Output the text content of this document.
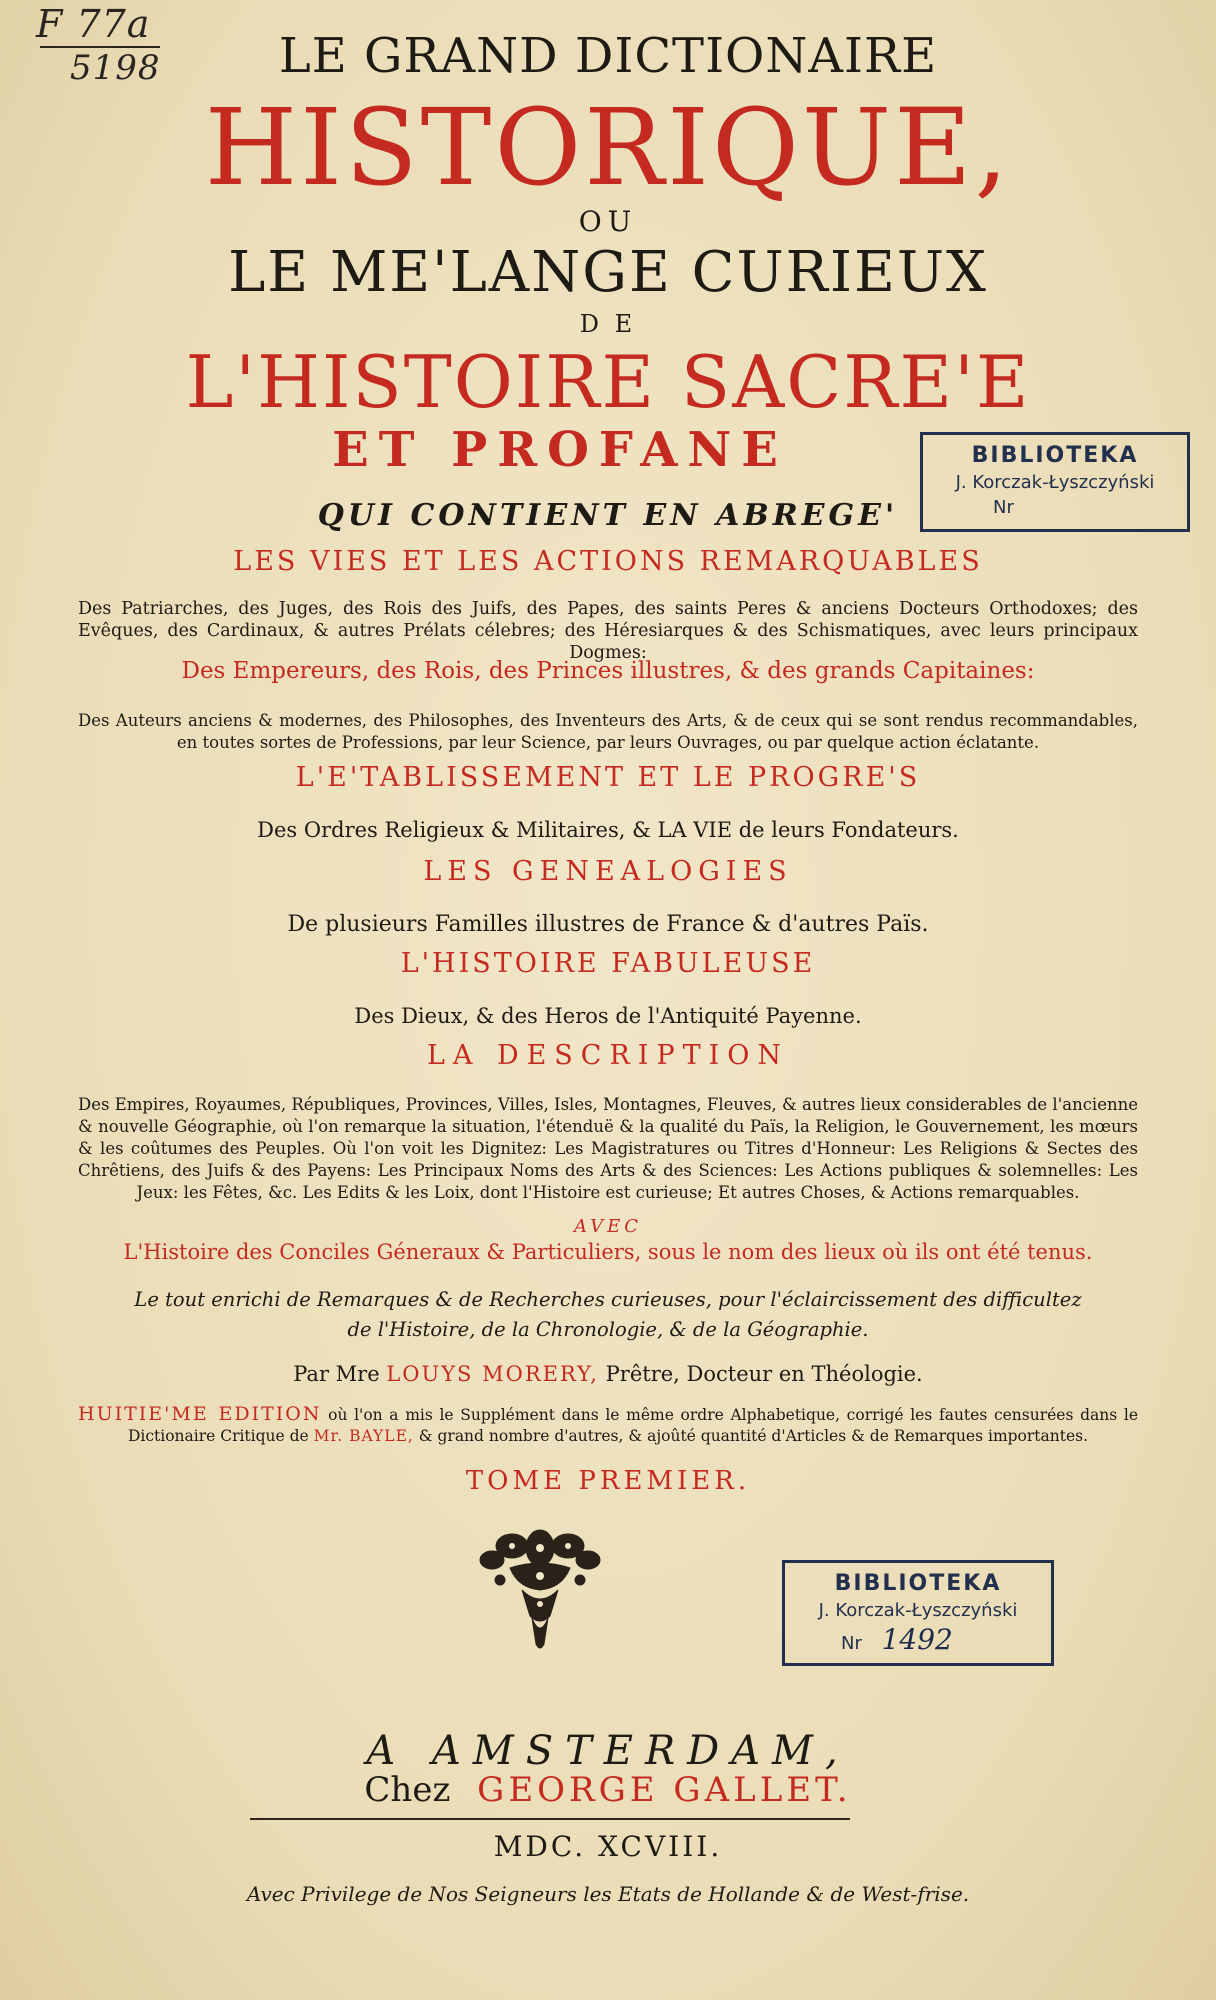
F 77a
5198	LE GRAND DICTIONAIRE
HISTORIQUE,
OU
LE ME'LANGE CURIEUX
D E
L'HISTOIRE SACRE'E
ET PROFANE	BIBLIOTEKA
J. Korczak-Łyszczyński
Nr
QUI CONTIENT EN ABREGE'
LES VIES ET LES ACTIONS REMARQUABLES
Des Patriarches, des Juges, des Rois des Juifs, des Papes, des saints Peres & anciens Docteurs Orthodoxes; des Evêques, des Cardinaux, & autres Prélats célebres; des Héresiarques & des Schismatiques, avec leurs principaux Dogmes:
Des Empereurs, des Rois, des Princes illustres, & des grands Capitaines:
Des Auteurs anciens & modernes, des Philosophes, des Inventeurs des Arts, & de ceux qui se sont rendus recommandables, en toutes sortes de Professions, par leur Science, par leurs Ouvrages, ou par quelque action éclatante.
L'E'TABLISSEMENT ET LE PROGRE'S
Des Ordres Religieux & Militaires, & LA VIE de leurs Fondateurs.
LES GENEALOGIES
De plusieurs Familles illustres de France & d'autres Païs.
L'HISTOIRE FABULEUSE
Des Dieux, & des Heros de l'Antiquité Payenne.
LA DESCRIPTION
Des Empires, Royaumes, Républiques, Provinces, Villes, Isles, Montagnes, Fleuves, & autres lieux considerables de l'ancienne & nouvelle Géographie, où l'on remarque la situation, l'étenduë & la qualité du Païs, la Religion, le Gouvernement, les mœurs & les coûtumes des Peuples. Où l'on voit les Dignitez: Les Magistratures ou Titres d'Honneur: Les Religions & Sectes des Chrêtiens, des Juifs & des Payens: Les Principaux Noms des Arts & des Sciences: Les Actions publiques & solemnelles: Les Jeux: les Fêtes, &c. Les Edits & les Loix, dont l'Histoire est curieuse; Et autres Choses, & Actions remarquables.
AVEC
L'Histoire des Conciles Géneraux & Particuliers, sous le nom des lieux où ils ont été tenus.
Le tout enrichi de Remarques & de Recherches curieuses, pour l'éclaircissement des difficultez
de l'Histoire, de la Chronologie, & de la Géographie.
Par Mre LOUYS MORERY, Prêtre, Docteur en Théologie.
HUITIE'ME EDITION où l'on a mis le Supplément dans le même ordre Alphabetique, corrigé les fautes censurées dans le Dictionaire Critique de Mr. BAYLE, & grand nombre d'autres, & ajoûté quantité d'Articles & de Remarques importantes.
TOME PREMIER.
BIBLIOTEKA
J. Korczak-Łyszczyński
Nr 1492
A AMSTERDAM,
Chez GEORGE GALLET.
MDC. XCVIII.
Avec Privilege de Nos Seigneurs les Etats de Hollande & de West-frise.
